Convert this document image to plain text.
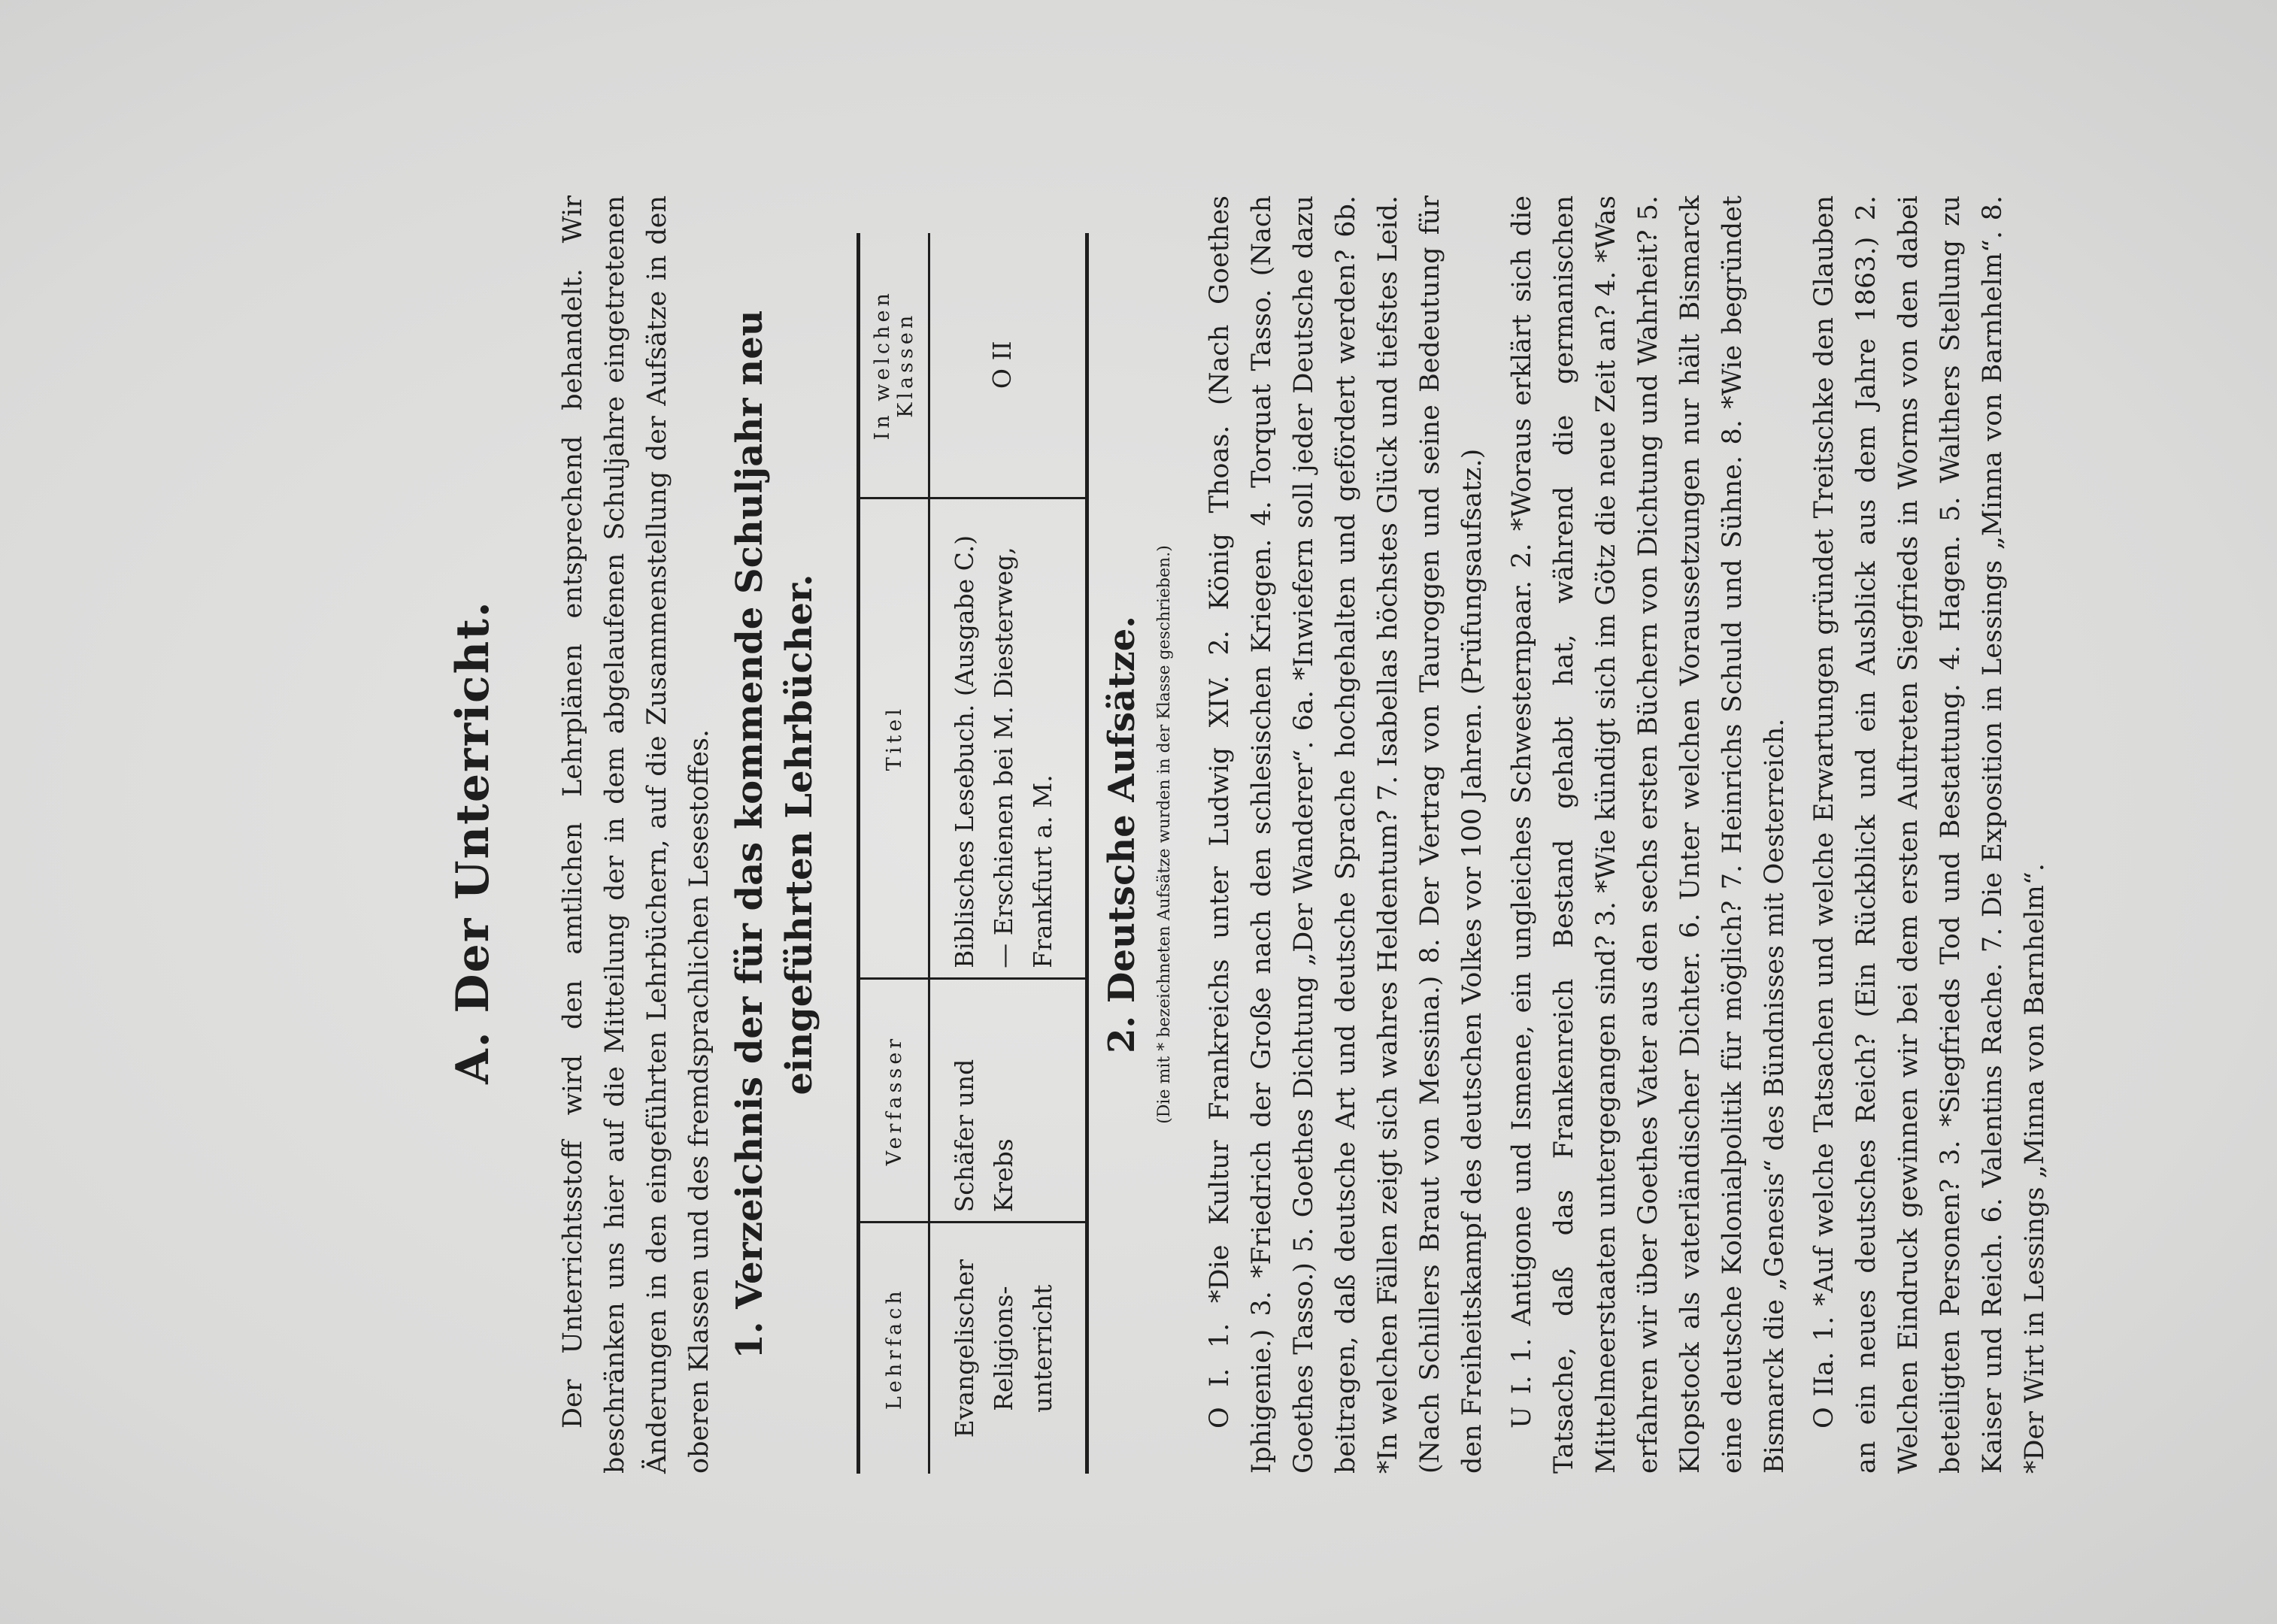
A. Der Unterricht. Der Unterrichtsstoff wird den amtlichen Lehrplänen entsprechend behandelt. Wir beschränken uns hier auf die Mitteilung der in dem abgelaufenen Schuljahre eingetretenen Änderungen in den eingeführten Lehrbüchern, auf die Zusammenstellung der Aufsätze in den oberen Klassen und des fremdsprachlichen Lesestoffes. 1. Verzeichnis der für das kommende Schuljahr neu eingeführten Lehrbücher.
Lehrfach	Verfasser	Titel	In welchen Klassen
Evangelischer Religions-unterricht	Schäfer und Krebs	Biblisches Lesebuch. (Ausgabe C.) — Erschienen bei M. Diesterweg, Frankfurt a. M.	O II
2. Deutsche Aufsätze. (Die mit * bezeichneten Aufsätze wurden in der Klasse geschrieben.) O I. 1. *Die Kultur Frankreichs unter Ludwig XIV. 2. König Thoas. (Nach Goethes Iphigenie.) 3. *Friedrich der Große nach den schlesischen Kriegen. 4. Torquat Tasso. (Nach Goethes Tasso.) 5. Goethes Dichtung „Der Wanderer“. 6a. *Inwiefern soll jeder Deutsche dazu beitragen, daß deutsche Art und deutsche Sprache hochgehalten und gefördert werden? 6b. *In welchen Fällen zeigt sich wahres Heldentum? 7. Isabellas höchstes Glück und tiefstes Leid. (Nach Schillers Braut von Messina.) 8. Der Vertrag von Tauroggen und seine Bedeutung für den Freiheitskampf des deutschen Volkes vor 100 Jahren. (Prüfungsaufsatz.) U I. 1. Antigone und Ismene, ein ungleiches Schwesternpaar. 2. *Woraus erklärt sich die Tatsache, daß das Frankenreich Bestand gehabt hat, während die germanischen Mittelmeerstaaten untergegangen sind? 3. *Wie kündigt sich im Götz die neue Zeit an? 4. *Was erfahren wir über Goethes Vater aus den sechs ersten Büchern von Dichtung und Wahrheit? 5. Klopstock als vaterländischer Dichter. 6. Unter welchen Voraussetzungen nur hält Bismarck eine deutsche Kolonialpolitik für möglich? 7. Heinrichs Schuld und Sühne. 8. *Wie begründet Bismarck die „Genesis“ des Bündnisses mit Oesterreich. O IIa. 1. *Auf welche Tatsachen und welche Erwartungen gründet Treitschke den Glauben an ein neues deutsches Reich? (Ein Rückblick und ein Ausblick aus dem Jahre 1863.) 2. Welchen Eindruck gewinnen wir bei dem ersten Auftreten Siegfrieds in Worms von den dabei beteiligten Personen? 3. *Siegfrieds Tod und Bestattung. 4. Hagen. 5. Walthers Stellung zu Kaiser und Reich. 6. Valentins Rache. 7. Die Exposition in Lessings „Minna von Barnhelm“. 8. *Der Wirt in Lessings „Minna von Barnhelm“.
